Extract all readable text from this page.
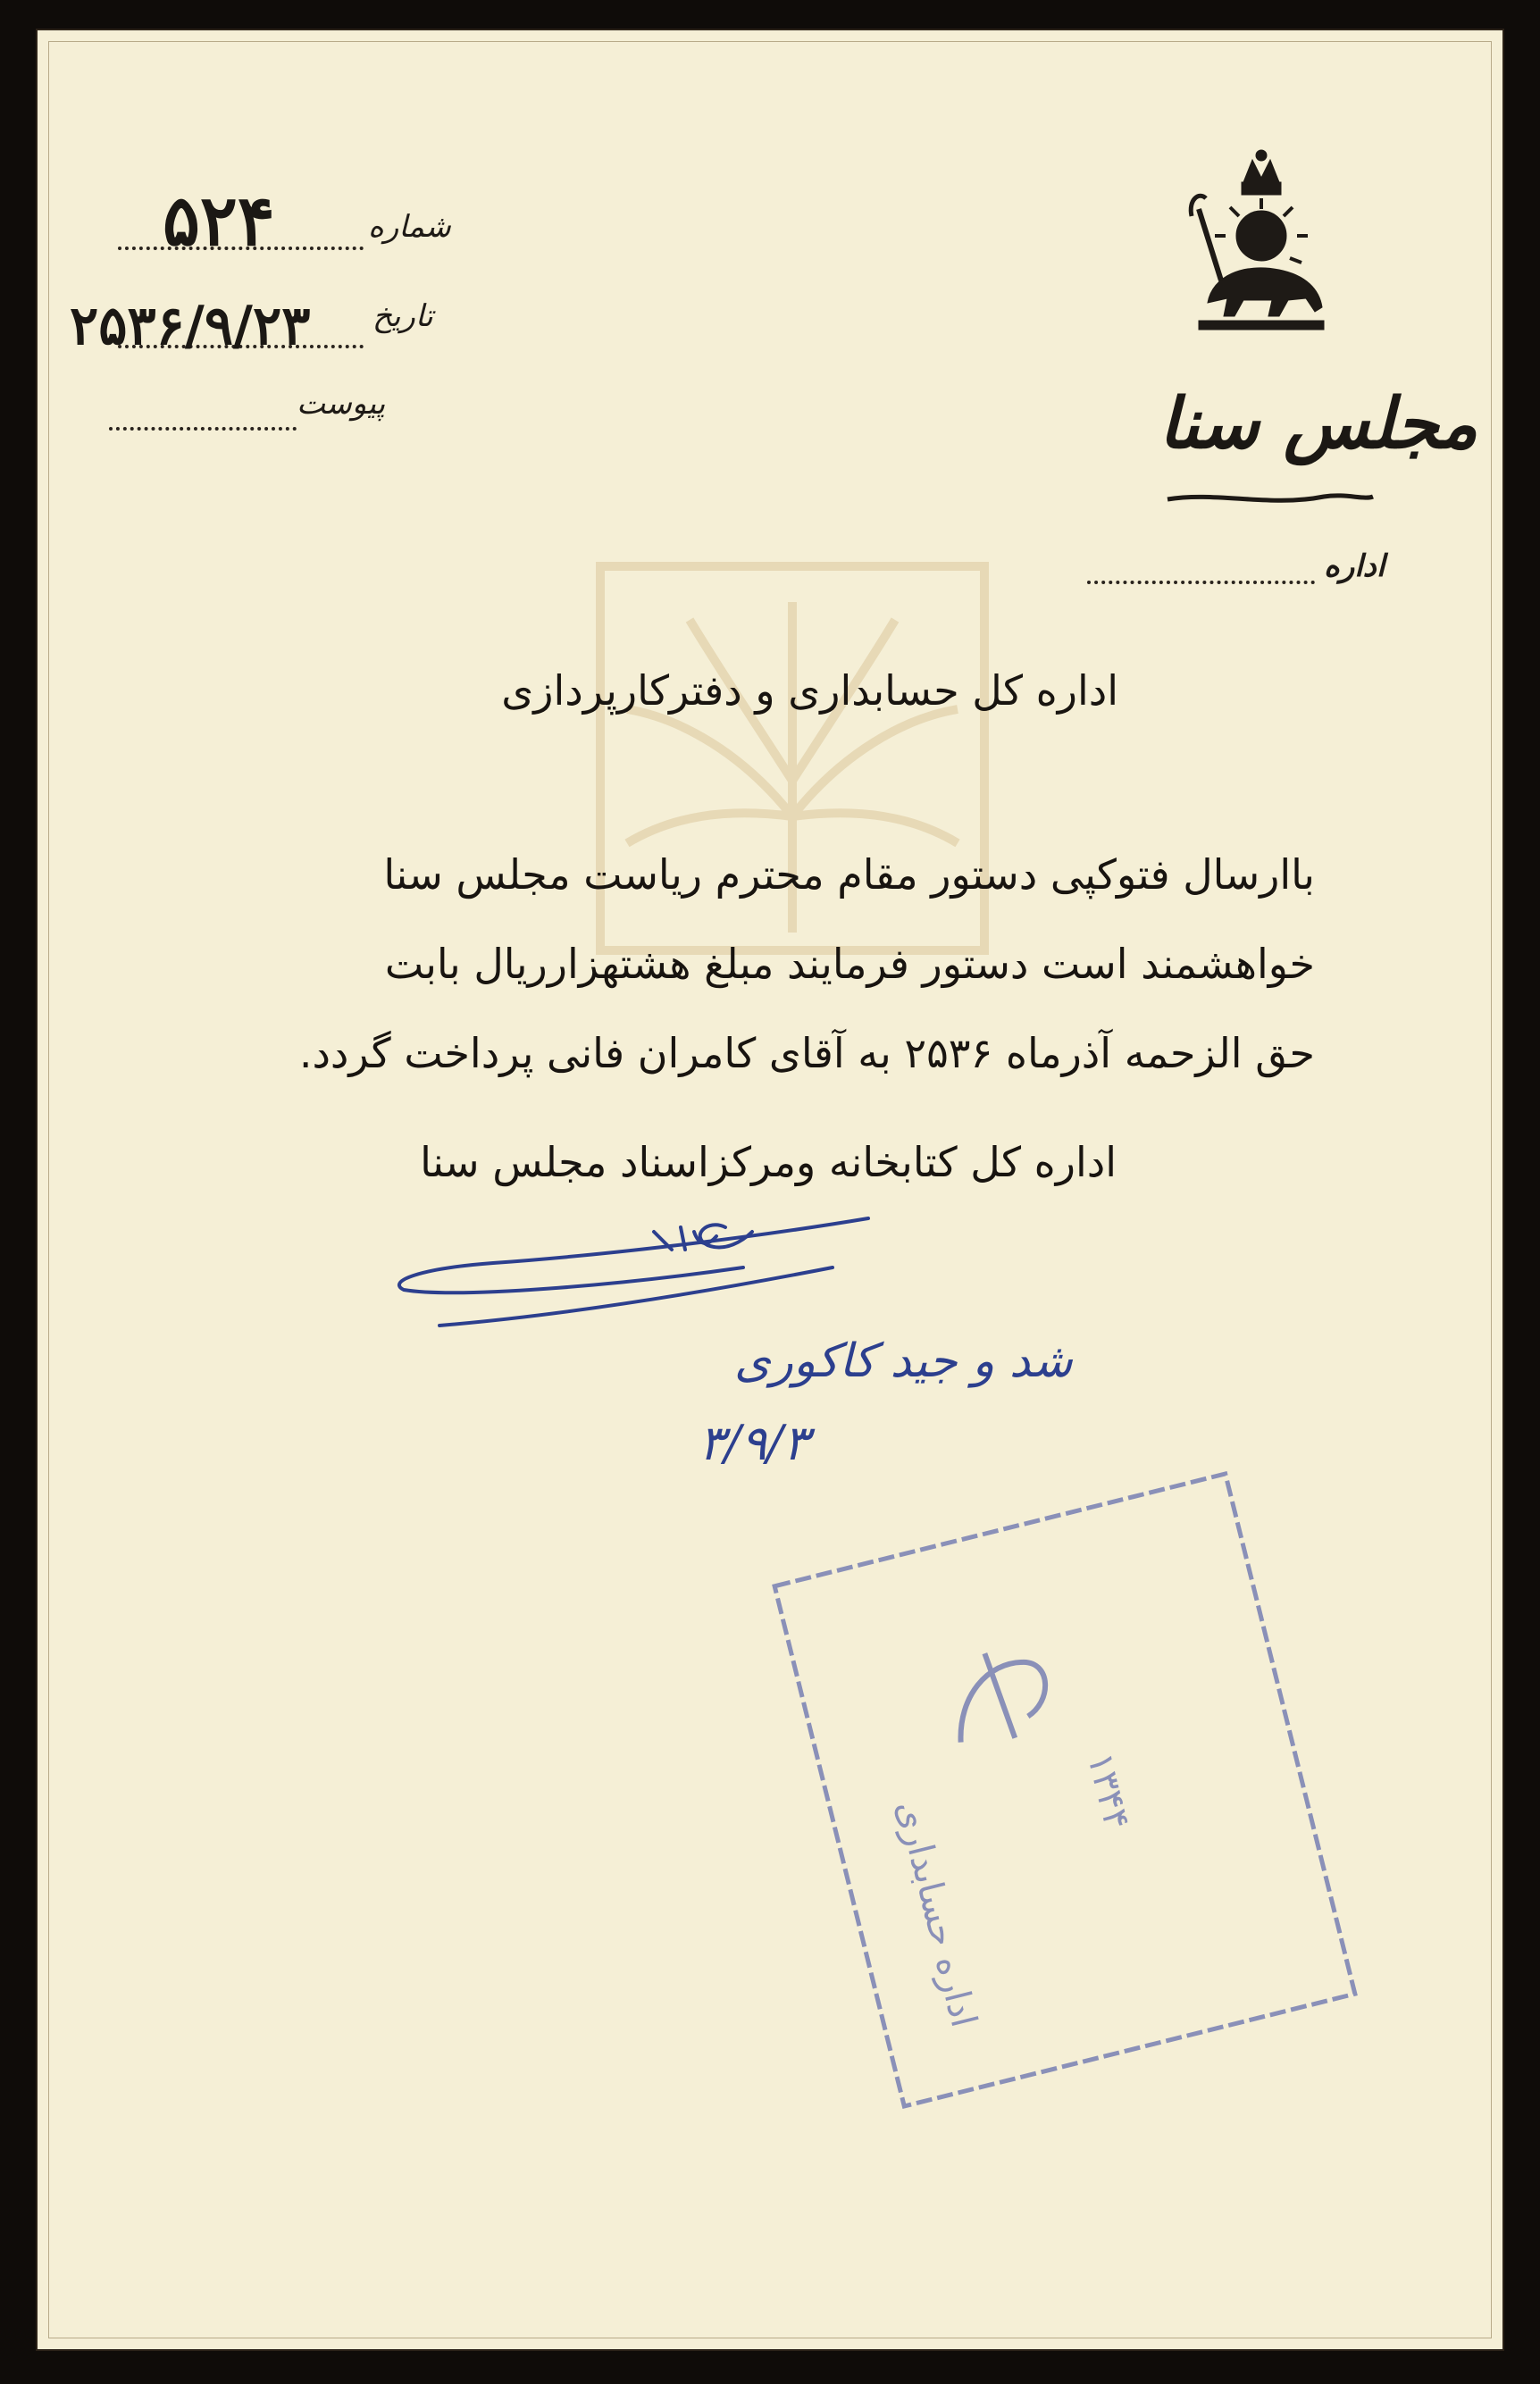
شماره
۵۲۴
تاریخ
۲۵۳۶/۹/۲۳
پیوست	مجلس سنا
اداره
اداره کل حسابداری و دفترکارپردازی
باارسال فتوکپی دستور مقام محترم ریاست مجلس سنا
خواهشمند است دستور فرمایند مبلغ هشتهزارریال بابت
حق الزحمه آذرماه ۲۵۳۶ به آقای کامران فانی پرداخت گردد.
اداره کل کتابخانه ومرکزاسناد مجلس سنا
شد و جید کاکوری
۳/۹/۳
اداره حسابداری
۱۳۴۴
